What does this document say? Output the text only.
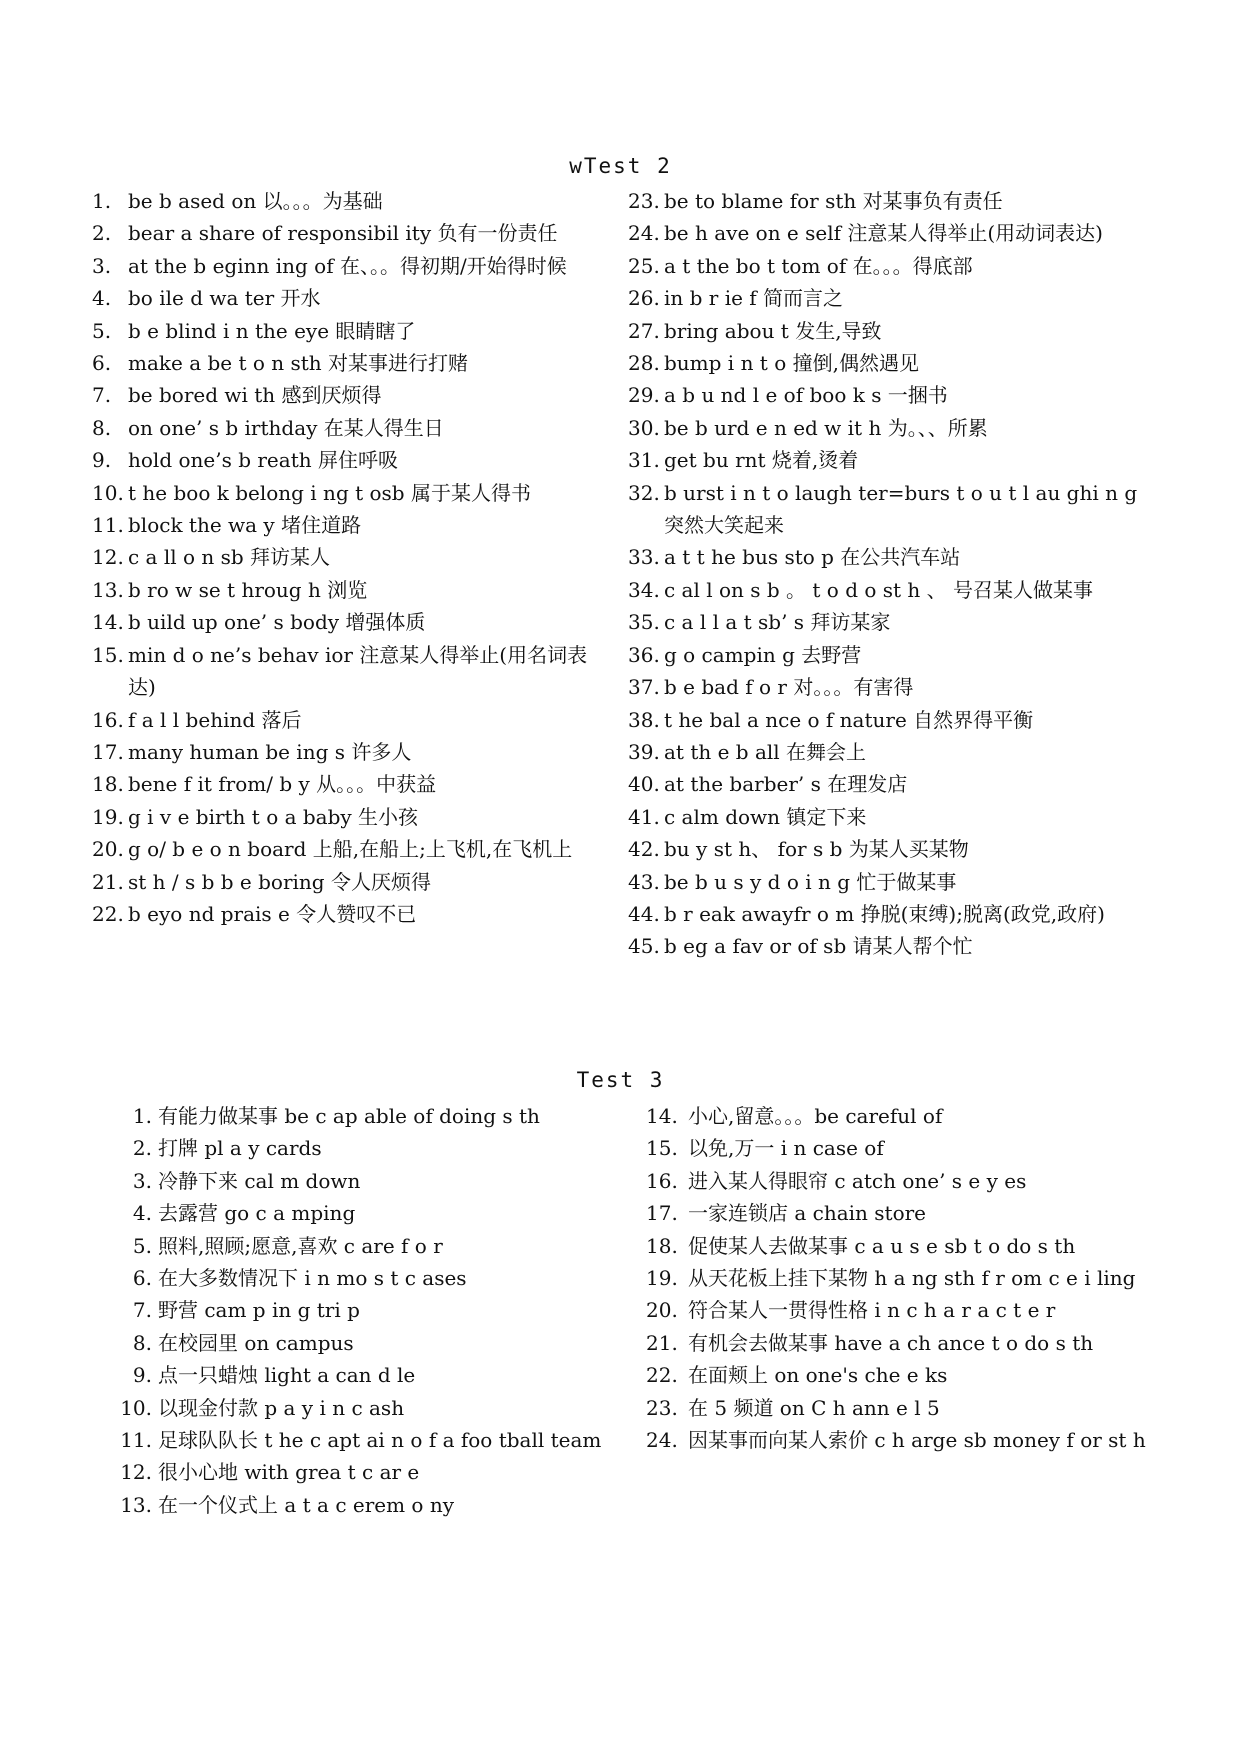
wTest 2
1. be b ased on 以。。。为基础
2. bear a share of responsibil ity 负有一份责任
3. at the b eginn ing of 在、。。得初期/开始得时候
4. bo ile d wa ter 开水
5. b e blind i n the eye 眼睛瞎了
6. make a be t o n sth 对某事进行打赌
7. be bored wi th 感到厌烦得
8. on one’ s b irthday 在某人得生日
9. hold one’s b reath 屏住呼吸
10. t he boo k belong i ng t osb 属于某人得书
11. block the wa y 堵住道路
12. c a ll o n sb 拜访某人
13. b ro w se t hroug h 浏览
14. b uild up one’ s body 增强体质
15. min d o ne’s behav ior 注意某人得举止(用名词表达)
16. f a l l behind 落后
17. many human be ing s 许多人
18. bene f it from/ b y 从。。。中获益
19. g i v e birth t o a baby 生小孩
20. g o/ b e o n board 上船,在船上;上飞机,在飞机上
21. st h / s b b e boring 令人厌烦得
22. b eyo nd prais e 令人赞叹不已
23. be to blame for sth 对某事负有责任
24. be h ave on e self 注意某人得举止(用动词表达)
25. a t the bo t tom of 在。。。得底部
26. in b r ie f 简而言之
27. bring abou t 发生,导致
28. bump i n t o 撞倒,偶然遇见
29. a b u nd l e of boo k s 一捆书
30. be b urd e n ed w it h 为。、、所累
31. get bu rnt 烧着,烫着
32. b urst i n t o laugh ter=burs t o u t l au ghi n g 突然大笑起来
33. a t t he bus sto p 在公共汽车站
34. c al l on s b 。 t o d o st h 、 号召某人做某事
35. c a l l a t sb’ s 拜访某家
36. g o campin g 去野营
37. b e bad f o r 对。。。有害得
38. t he bal a nce o f nature 自然界得平衡
39. at th e b all 在舞会上
40. at the barber’ s 在理发店
41. c alm down 镇定下来
42. bu y st h、 for s b 为某人买某物
43. be b u s y d o i n g 忙于做某事
44. b r eak awayfr o m 挣脱(束缚);脱离(政党,政府)
45. b eg a fav or of sb 请某人帮个忙
Test 3
1. 有能力做某事 be c ap able of doing s th
2. 打牌 pl a y cards
3. 冷静下来 cal m down
4. 去露营 go c a mping
5. 照料,照顾;愿意,喜欢 c are f o r
6. 在大多数情况下 i n mo s t c ases
7. 野营 cam p in g tri p
8. 在校园里 on campus
9. 点一只蜡烛 light a can d le
10. 以现金付款 p a y i n c ash
11. 足球队队长 t he c apt ai n o f a foo tball team
12. 很小心地 with grea t c ar e
13. 在一个仪式上 a t a c erem o ny
14. 小心,留意。。。be careful of
15. 以免,万一 i n case of
16. 进入某人得眼帘 c atch one’ s e y es
17. 一家连锁店 a chain store
18. 促使某人去做某事 c a u s e sb t o do s th
19. 从天花板上挂下某物 h a ng sth f r om c e i ling
20. 符合某人一贯得性格 i n c h a r a c t e r
21. 有机会去做某事 have a ch ance t o do s th
22. 在面颊上 on one's che e ks
23. 在 5 频道 on C h ann e l 5
24. 因某事而向某人索价 c h arge sb money f or st h
